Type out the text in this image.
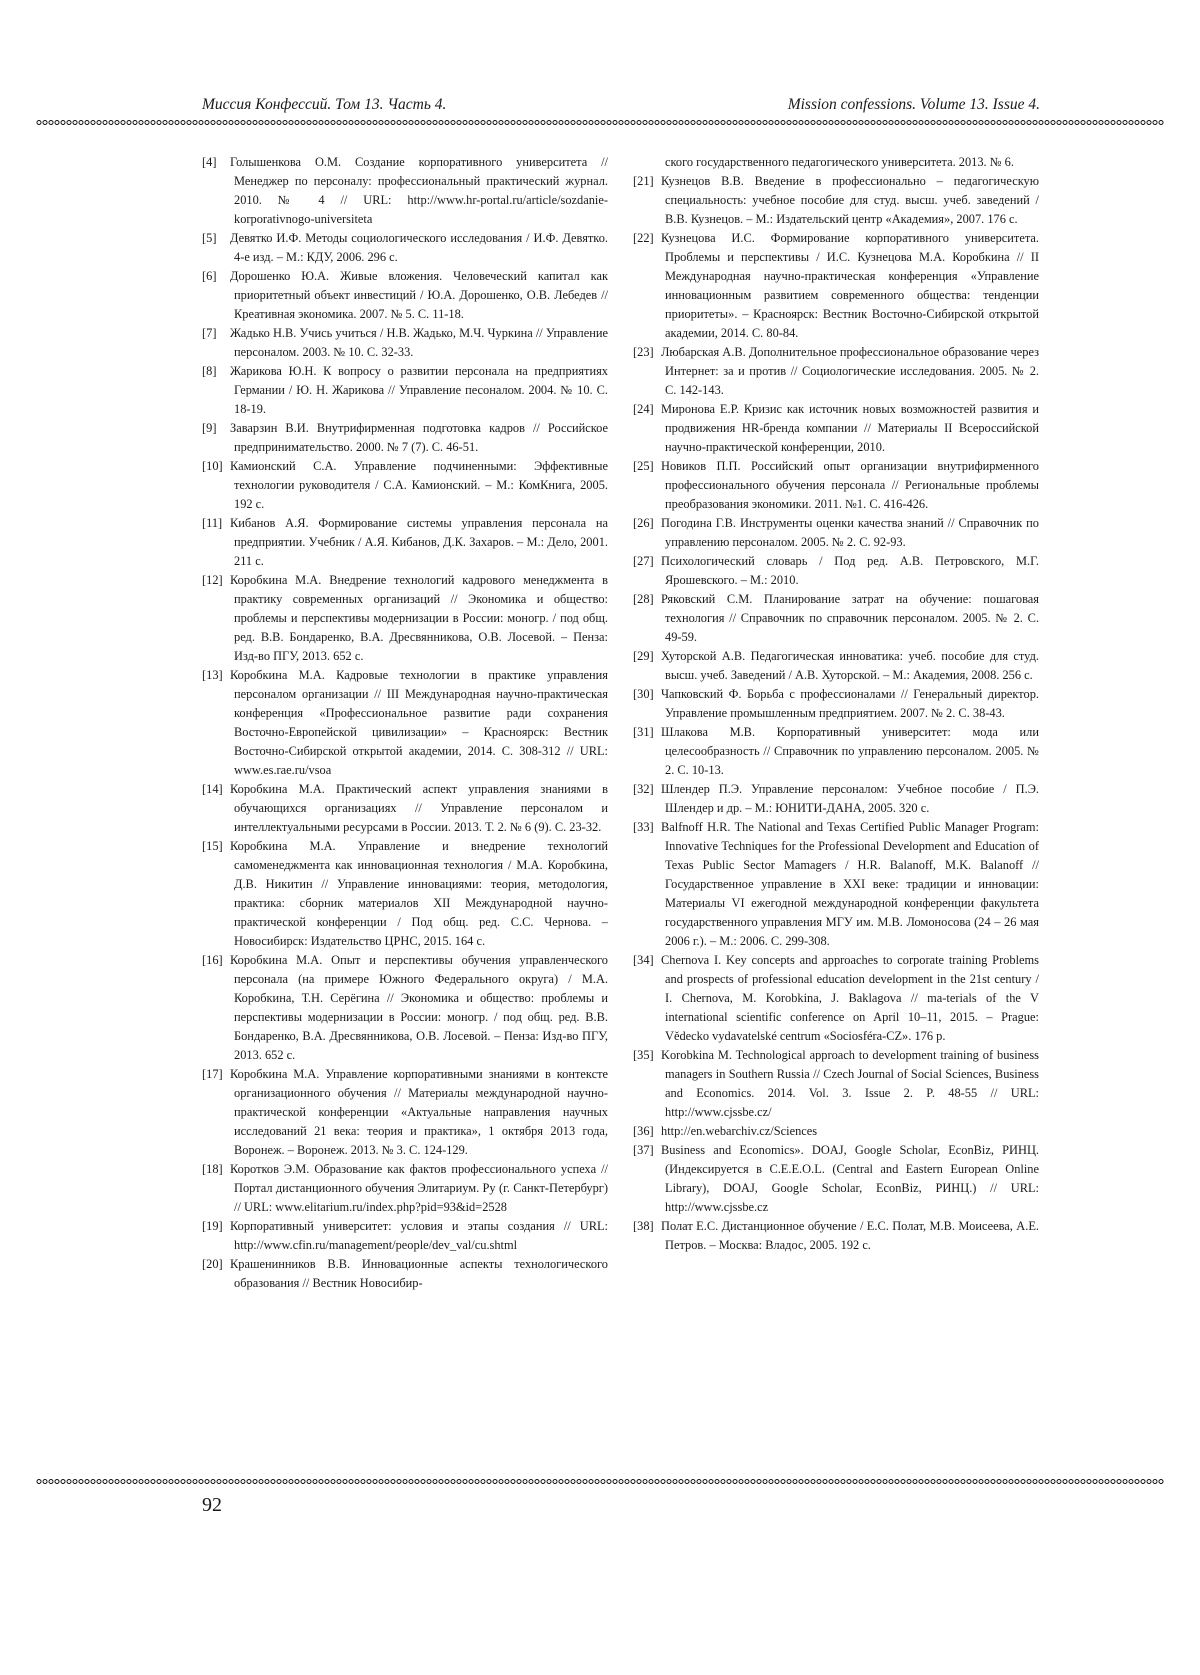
Миссия Конфессий. Том 13. Часть 4.	Mission confessions. Volume 13. Issue 4.

[4] Голышенкова О.М. Создание корпоративного университета // Менеджер по персоналу: профессиональный практический журнал. 2010. № 4 // URL: http://www.hr-portal.ru/article/sozdanie-korporativnogo-universiteta

[5] Девятко И.Ф. Методы социологического исследования / И.Ф. Девятко. 4-е изд. – М.: КДУ, 2006. 296 с.

[6] Дорошенко Ю.А. Живые вложения. Человеческий капитал как приоритетный объект инвестиций / Ю.А. Дорошенко, О.В. Лебедев // Креативная экономика. 2007. № 5. С. 11-18.

[7] Жадько Н.В. Учись учиться / Н.В. Жадько, М.Ч. Чуркина // Управление персоналом. 2003. № 10. С. 32-33.

[8] Жарикова Ю.Н. К вопросу о развитии персонала на предприятиях Германии / Ю. Н. Жарикова // Управление песоналом. 2004. № 10. С. 18-19.

[9] Заварзин В.И. Внутрифирменная подготовка кадров // Российское предпринимательство. 2000. № 7 (7). С. 46-51.

[10] Камионский С.А. Управление подчиненными: Эффективные технологии руководителя / С.А. Камионский. – М.: КомКнига, 2005. 192 с.

[11] Кибанов А.Я. Формирование системы управления персонала на предприятии. Учебник / А.Я. Кибанов, Д.К. Захаров. – М.: Дело, 2001. 211 с.

[12] Коробкина М.А. Внедрение технологий кадрового менеджмента в практику современных организаций // Экономика и общество: проблемы и перспективы модернизации в России: моногр. / под общ. ред. В.В. Бондаренко, В.А. Дресвянникова, О.В. Лосевой. – Пенза: Изд-во ПГУ, 2013. 652 с.

[13] Коробкина М.А. Кадровые технологии в практике управления персоналом организации // III Международная научно-практическая конференция «Профессиональное развитие ради сохранения Восточно-Европейской цивилизации» – Красноярск: Вестник Восточно-Сибирской открытой академии, 2014. С. 308-312 // URL: www.es.rae.ru/vsoa

[14] Коробкина М.А. Практический аспект управления знаниями в обучающихся организациях // Управление персоналом и интеллектуальными ресурсами в России. 2013. Т. 2. № 6 (9). С. 23-32.

[15] Коробкина М.А. Управление и внедрение технологий самоменеджмента как инновационная технология / М.А. Коробкина, Д.В. Никитин // Управление инновациями: теория, методология, практика: сборник материалов XII Международной научно-практической конференции / Под общ. ред. С.С. Чернова. – Новосибирск: Издательство ЦРНС, 2015. 164 с.

[16] Коробкина М.А. Опыт и перспективы обучения управленческого персонала (на примере Южного Федерального округа) / М.А. Коробкина, Т.Н. Серёгина // Экономика и общество: проблемы и перспективы модернизации в России: моногр. / под общ. ред. В.В. Бондаренко, В.А. Дресвянникова, О.В. Лосевой. – Пенза: Изд-во ПГУ, 2013. 652 с.

[17] Коробкина М.А. Управление корпоративными знаниями в контексте организационного обучения // Материалы международной научно-практической конференции «Актуальные направления научных исследований 21 века: теория и практика», 1 октября 2013 года, Воронеж. – Воронеж. 2013. № 3. С. 124-129.

[18] Коротков Э.М. Образование как фактов профессионального успеха // Портал дистанционного обучения Элитариум. Ру (г. Санкт-Петербург) // URL: www.elitarium.ru/index.php?pid=93&id=2528

[19] Корпоративный университет: условия и этапы создания // URL: http://www.cfin.ru/management/people/dev_val/cu.shtml

[20] Крашенинников В.В. Инновационные аспекты технологического образования // Вестник Новосибир-

ского государственного педагогического университета. 2013. № 6.

[21] Кузнецов В.В. Введение в профессионально – педагогическую специальность: учебное пособие для студ. высш. учеб. заведений / В.В. Кузнецов. – М.: Издательский центр «Академия», 2007. 176 с.

[22] Кузнецова И.С. Формирование корпоративного университета. Проблемы и перспективы / И.С. Кузнецова М.А. Коробкина // II Международная научно-практическая конференция «Управление инновационным развитием современного общества: тенденции приоритеты». – Красноярск: Вестник Восточно-Сибирской открытой академии, 2014. С. 80-84.

[23] Любарская А.В. Дополнительное профессиональное образование через Интернет: за и против // Социологические исследования. 2005. № 2. С. 142-143.

[24] Миронова Е.Р. Кризис как источник новых возможностей развития и продвижения HR-бренда компании // Материалы II Всероссийской научно-практической конференции, 2010.

[25] Новиков П.П. Российский опыт организации внутрифирменного профессионального обучения персонала // Региональные проблемы преобразования экономики. 2011. №1. С. 416-426.

[26] Погодина Г.В. Инструменты оценки качества знаний // Справочник по управлению персоналом. 2005. № 2. С. 92-93.

[27] Психологический словарь / Под ред. А.В. Петровского, М.Г. Ярошевского. – М.: 2010.

[28] Ряковский С.М. Планирование затрат на обучение: пошаговая технология // Справочник по справочник персоналом. 2005. № 2. С. 49-59.

[29] Хуторской А.В. Педагогическая инноватика: учеб. пособие для студ. высш. учеб. Заведений / А.В. Хуторской. – М.: Академия, 2008. 256 с.

[30] Чапковский Ф. Борьба с профессионалами // Генеральный директор. Управление промышленным предприятием. 2007. № 2. С. 38-43.

[31] Шлакова М.В. Корпоративный университет: мода или целесообразность // Справочник по управлению персоналом. 2005. № 2. С. 10-13.

[32] Шлендер П.Э. Управление персоналом: Учебное пособие / П.Э. Шлендер и др. – М.: ЮНИТИ-ДАНА, 2005. 320 с.

[33] Balfnoff H.R. The National and Texas Certified Public Manager Program: Innovative Techniques for the Professional Development and Education of Texas Public Sector Mamagers / H.R. Balanoff, M.K. Balanoff // Государственное управление в XXI веке: традиции и инновации: Материалы VI ежегодной международной конференции факультета государственного управления МГУ им. М.В. Ломоносова (24 – 26 мая 2006 г.). – М.: 2006. С. 299-308.

[34] Chernova I. Key concepts and approaches to corporate training Problems and prospects of professional education development in the 21st century / I. Chernova, M. Korobkina, J. Baklagova // ma-terials of the V international scientific conference on April 10–11, 2015. – Prague: Vědecko vydavatelské centrum «Sociosféra-CZ». 176 p.

[35] Korobkina M. Technological approach to development training of business managers in Southern Russia // Czech Journal of Social Sciences, Business and Economics. 2014. Vol. 3. Issue 2. P. 48-55 // URL: http://www.cjssbe.cz/

[36] http://en.webarchiv.cz/Sciences

[37] Business and Economics». DOAJ, Google Scholar, EconBiz, РИНЦ. (Индексируется в C.E.E.O.L. (Central and Eastern European Online Library), DOAJ, Google Scholar, EconBiz, РИНЦ.) // URL: http://www.cjssbe.cz

[38] Полат Е.С. Дистанционное обучение / Е.С. Полат, М.В. Моисеева, А.Е. Петров. – Москва: Владос, 2005. 192 с.

92
